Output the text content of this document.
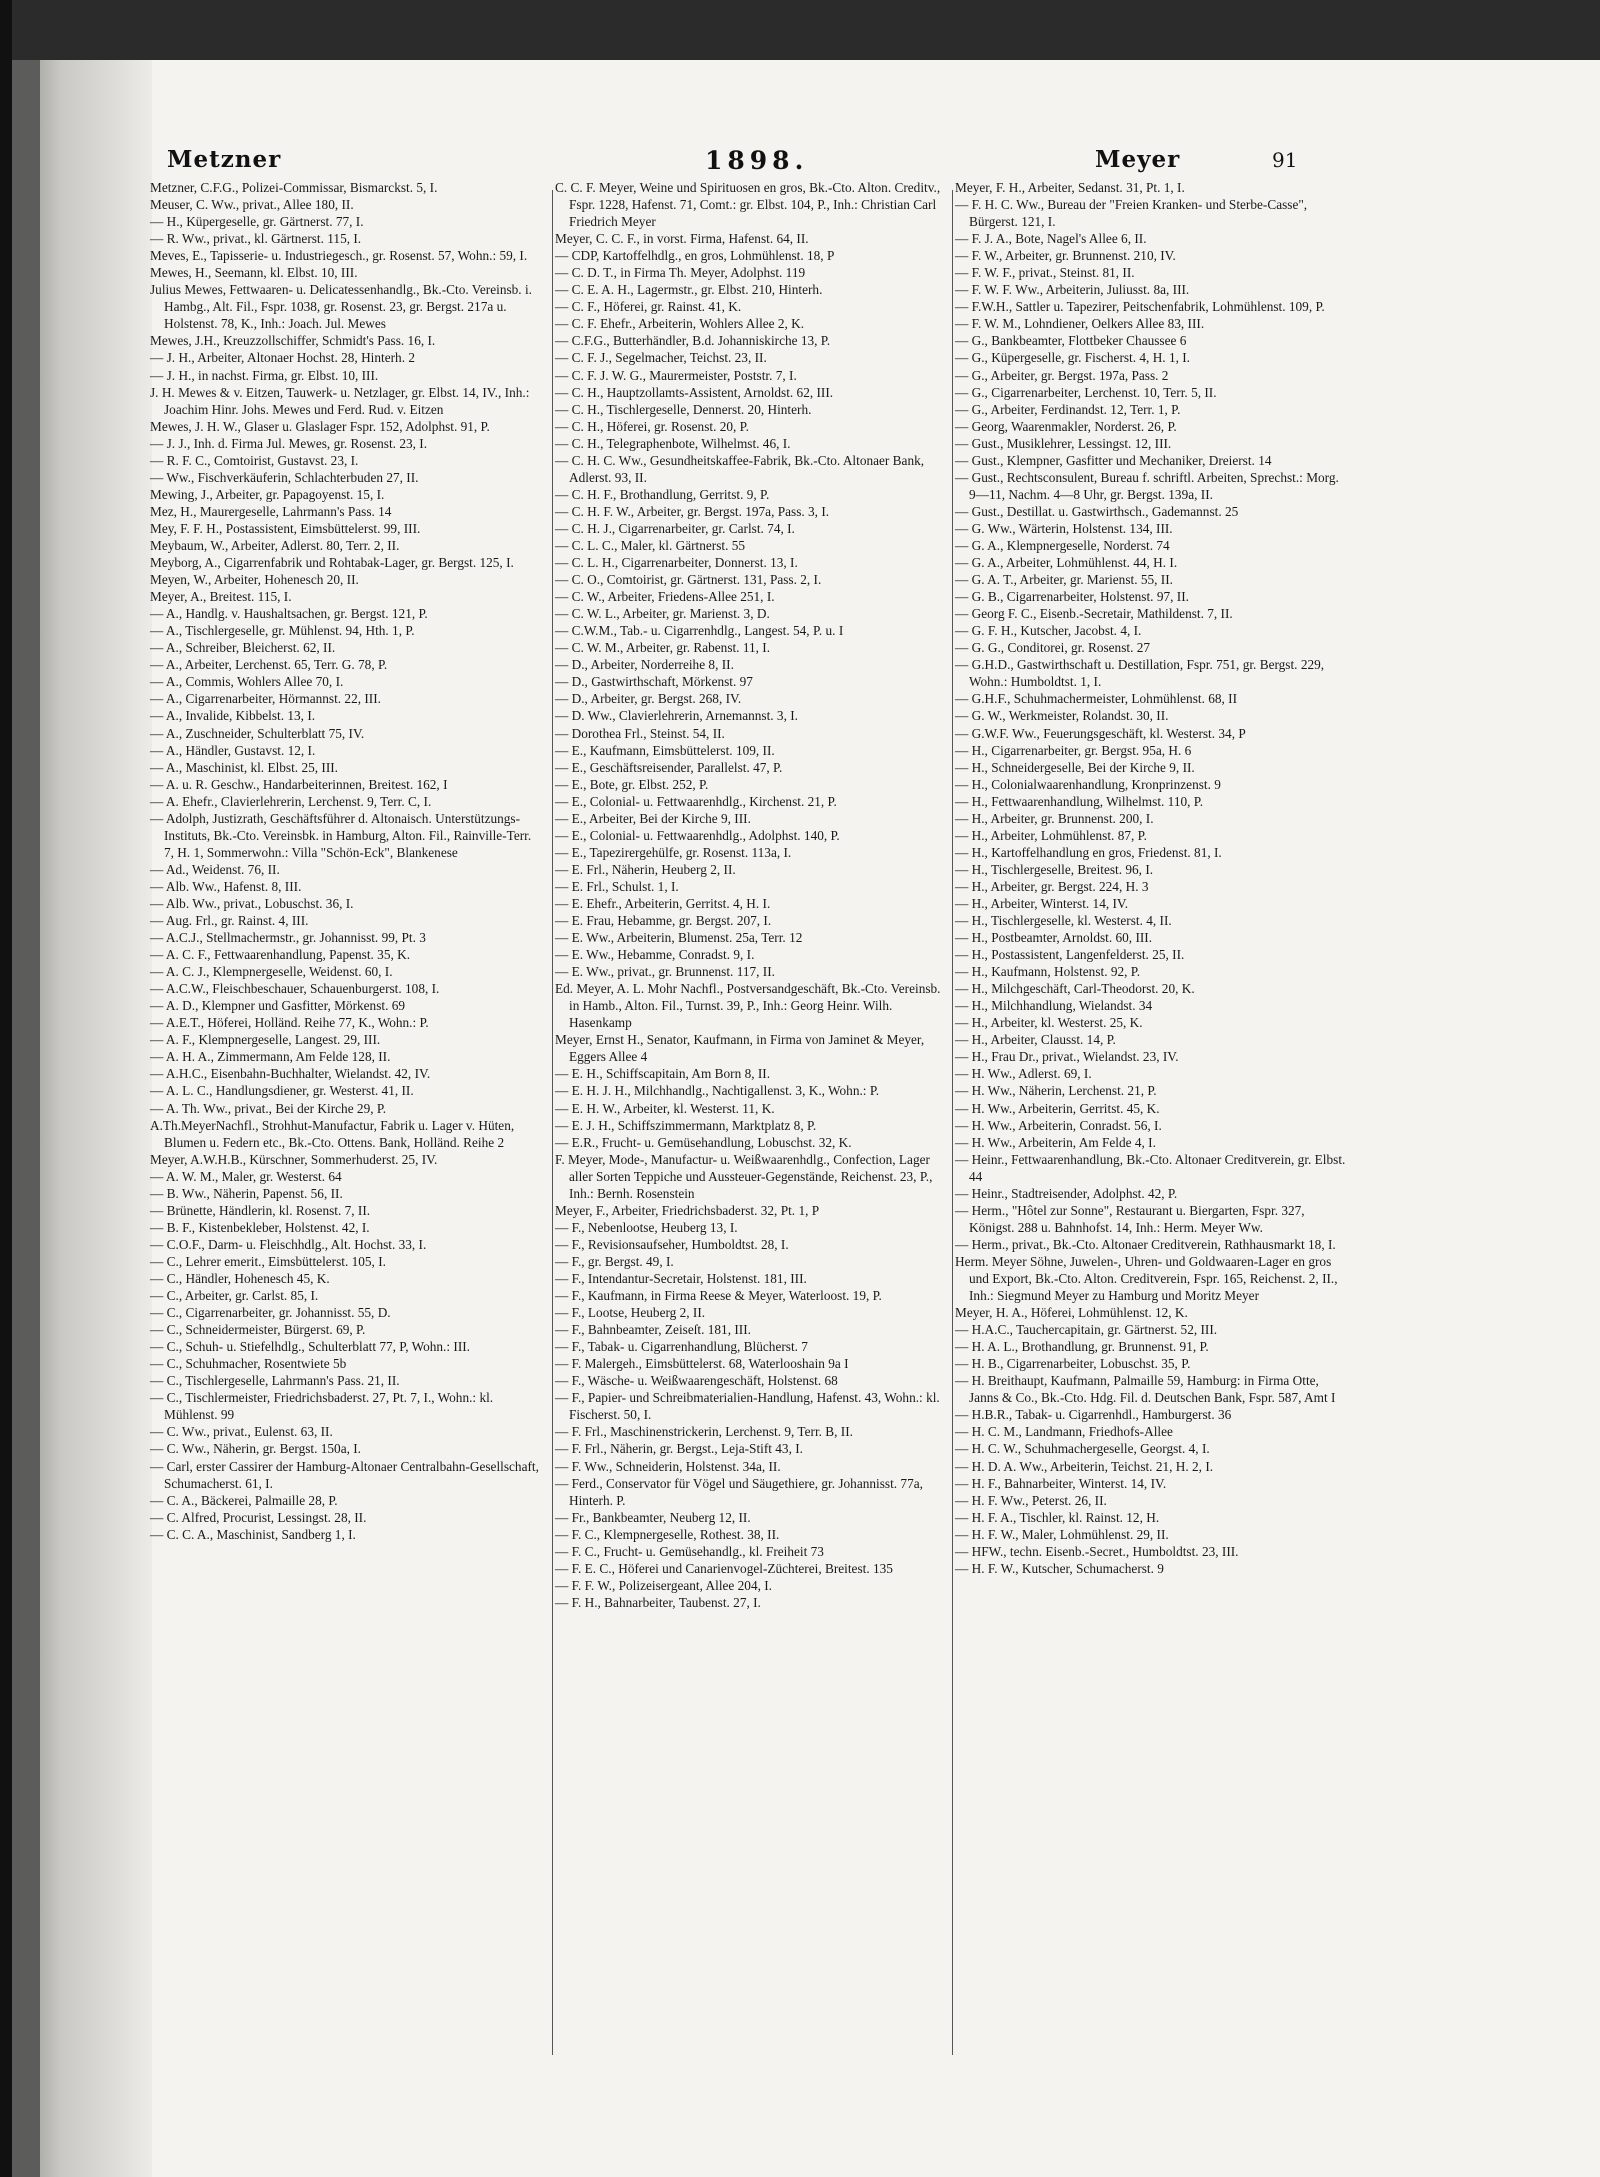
Metzner	1898.	Meyer	91

Metzner, C.F.G., Polizei-Commissar, Bismarckst. 5, I.

Meuser, C. Ww., privat., Allee 180, II.

— H., Küpergeselle, gr. Gärtnerst. 77, I.

— R. Ww., privat., kl. Gärtnerst. 115, I.

Meves, E., Tapisserie- u. Industriegesch., gr. Rosenst. 57, Wohn.: 59, I.

Mewes, H., Seemann, kl. Elbst. 10, III.

Julius Mewes, Fettwaaren- u. Delicatessenhandlg., Bk.-Cto. Vereinsb. i. Hambg., Alt. Fil., Fspr. 1038, gr. Rosenst. 23, gr. Bergst. 217a u. Holstenst. 78, K., Inh.: Joach. Jul. Mewes

Mewes, J.H., Kreuzzollschiffer, Schmidt's Pass. 16, I.

— J. H., Arbeiter, Altonaer Hochst. 28, Hinterh. 2

— J. H., in nachst. Firma, gr. Elbst. 10, III.

J. H. Mewes & v. Eitzen, Tauwerk- u. Netzlager, gr. Elbst. 14, IV., Inh.: Joachim Hinr. Johs. Mewes und Ferd. Rud. v. Eitzen

Mewes, J. H. W., Glaser u. Glaslager Fspr. 152, Adolphst. 91, P.

— J. J., Inh. d. Firma Jul. Mewes, gr. Rosenst. 23, I.

— R. F. C., Comtoirist, Gustavst. 23, I.

— Ww., Fischverkäuferin, Schlachterbuden 27, II.

Mewing, J., Arbeiter, gr. Papagoyenst. 15, I.

Mez, H., Maurergeselle, Lahrmann's Pass. 14

Mey, F. F. H., Postassistent, Eimsbüttelerst. 99, III.

Meybaum, W., Arbeiter, Adlerst. 80, Terr. 2, II.

Meyborg, A., Cigarrenfabrik und Rohtabak-Lager, gr. Bergst. 125, I.

Meyen, W., Arbeiter, Hohenesch 20, II.

Meyer, A., Breitest. 115, I.

— A., Handlg. v. Haushaltsachen, gr. Bergst. 121, P.

— A., Tischlergeselle, gr. Mühlenst. 94, Hth. 1, P.

— A., Schreiber, Bleicherst. 62, II.

— A., Arbeiter, Lerchenst. 65, Terr. G. 78, P.

— A., Commis, Wohlers Allee 70, I.

— A., Cigarrenarbeiter, Hörmannst. 22, III.

— A., Invalide, Kibbelst. 13, I.

— A., Zuschneider, Schulterblatt 75, IV.

— A., Händler, Gustavst. 12, I.

— A., Maschinist, kl. Elbst. 25, III.

— A. u. R. Geschw., Handarbeiterinnen, Breitest. 162, I

— A. Ehefr., Clavierlehrerin, Lerchenst. 9, Terr. C, I.

— Adolph, Justizrath, Geschäftsführer d. Altonaisch. Unterstützungs-Instituts, Bk.-Cto. Vereinsbk. in Hamburg, Alton. Fil., Rainville-Terr. 7, H. 1, Sommerwohn.: Villa "Schön-Eck", Blankenese

— Ad., Weidenst. 76, II.

— Alb. Ww., Hafenst. 8, III.

— Alb. Ww., privat., Lobuschst. 36, I.

— Aug. Frl., gr. Rainst. 4, III.

— A.C.J., Stellmachermstr., gr. Johannisst. 99, Pt. 3

— A. C. F., Fettwaarenhandlung, Papenst. 35, K.

— A. C. J., Klempnergeselle, Weidenst. 60, I.

— A.C.W., Fleischbeschauer, Schauenburgerst. 108, I.

— A. D., Klempner und Gasfitter, Mörkenst. 69

— A.E.T., Höferei, Holländ. Reihe 77, K., Wohn.: P.

— A. F., Klempnergeselle, Langest. 29, III.

— A. H. A., Zimmermann, Am Felde 128, II.

— A.H.C., Eisenbahn-Buchhalter, Wielandst. 42, IV.

— A. L. C., Handlungsdiener, gr. Westerst. 41, II.

— A. Th. Ww., privat., Bei der Kirche 29, P.

A.Th.MeyerNachfl., Strohhut-Manufactur, Fabrik u. Lager v. Hüten, Blumen u. Federn etc., Bk.-Cto. Ottens. Bank, Holländ. Reihe 2

Meyer, A.W.H.B., Kürschner, Sommerhuderst. 25, IV.

— A. W. M., Maler, gr. Westerst. 64

— B. Ww., Näherin, Papenst. 56, II.

— Brünette, Händlerin, kl. Rosenst. 7, II.

— B. F., Kistenbekleber, Holstenst. 42, I.

— C.O.F., Darm- u. Fleischhdlg., Alt. Hochst. 33, I.

— C., Lehrer emerit., Eimsbüttelerst. 105, I.

— C., Händler, Hohenesch 45, K.

— C., Arbeiter, gr. Carlst. 85, I.

— C., Cigarrenarbeiter, gr. Johannisst. 55, D.

— C., Schneidermeister, Bürgerst. 69, P.

— C., Schuh- u. Stiefelhdlg., Schulterblatt 77, P, Wohn.: III.

— C., Schuhmacher, Rosentwiete 5b

— C., Tischlergeselle, Lahrmann's Pass. 21, II.

— C., Tischlermeister, Friedrichsbaderst. 27, Pt. 7, I., Wohn.: kl. Mühlenst. 99

— C. Ww., privat., Eulenst. 63, II.

— C. Ww., Näherin, gr. Bergst. 150a, I.

— Carl, erster Cassirer der Hamburg-Altonaer Centralbahn-Gesellschaft, Schumacherst. 61, I.

— C. A., Bäckerei, Palmaille 28, P.

— C. Alfred, Procurist, Lessingst. 28, II.

— C. C. A., Maschinist, Sandberg 1, I.

C. C. F. Meyer, Weine und Spirituosen en gros, Bk.-Cto. Alton. Creditv., Fspr. 1228, Hafenst. 71, Comt.: gr. Elbst. 104, P., Inh.: Christian Carl Friedrich Meyer

Meyer, C. C. F., in vorst. Firma, Hafenst. 64, II.

— CDP, Kartoffelhdlg., en gros, Lohmühlenst. 18, P

— C. D. T., in Firma Th. Meyer, Adolphst. 119

— C. E. A. H., Lagermstr., gr. Elbst. 210, Hinterh.

— C. F., Höferei, gr. Rainst. 41, K.

— C. F. Ehefr., Arbeiterin, Wohlers Allee 2, K.

— C.F.G., Butterhändler, B.d. Johanniskirche 13, P.

— C. F. J., Segelmacher, Teichst. 23, II.

— C. F. J. W. G., Maurermeister, Poststr. 7, I.

— C. H., Hauptzollamts-Assistent, Arnoldst. 62, III.

— C. H., Tischlergeselle, Dennerst. 20, Hinterh.

— C. H., Höferei, gr. Rosenst. 20, P.

— C. H., Telegraphenbote, Wilhelmst. 46, I.

— C. H. C. Ww., Gesundheitskaffee-Fabrik, Bk.-Cto. Altonaer Bank, Adlerst. 93, II.

— C. H. F., Brothandlung, Gerritst. 9, P.

— C. H. F. W., Arbeiter, gr. Bergst. 197a, Pass. 3, I.

— C. H. J., Cigarrenarbeiter, gr. Carlst. 74, I.

— C. L. C., Maler, kl. Gärtnerst. 55

— C. L. H., Cigarrenarbeiter, Donnerst. 13, I.

— C. O., Comtoirist, gr. Gärtnerst. 131, Pass. 2, I.

— C. W., Arbeiter, Friedens-Allee 251, I.

— C. W. L., Arbeiter, gr. Marienst. 3, D.

— C.W.M., Tab.- u. Cigarrenhdlg., Langest. 54, P. u. I

— C. W. M., Arbeiter, gr. Rabenst. 11, I.

— D., Arbeiter, Norderreihe 8, II.

— D., Gastwirthschaft, Mörkenst. 97

— D., Arbeiter, gr. Bergst. 268, IV.

— D. Ww., Clavierlehrerin, Arnemannst. 3, I.

— Dorothea Frl., Steinst. 54, II.

— E., Kaufmann, Eimsbüttelerst. 109, II.

— E., Geschäftsreisender, Parallelst. 47, P.

— E., Bote, gr. Elbst. 252, P.

— E., Colonial- u. Fettwaarenhdlg., Kirchenst. 21, P.

— E., Arbeiter, Bei der Kirche 9, III.

— E., Colonial- u. Fettwaarenhdlg., Adolphst. 140, P.

— E., Tapezirergehülfe, gr. Rosenst. 113a, I.

— E. Frl., Näherin, Heuberg 2, II.

— E. Frl., Schulst. 1, I.

— E. Ehefr., Arbeiterin, Gerritst. 4, H. I.

— E. Frau, Hebamme, gr. Bergst. 207, I.

— E. Ww., Arbeiterin, Blumenst. 25a, Terr. 12

— E. Ww., Hebamme, Conradst. 9, I.

— E. Ww., privat., gr. Brunnenst. 117, II.

Ed. Meyer, A. L. Mohr Nachfl., Postversandgeschäft, Bk.-Cto. Vereinsb. in Hamb., Alton. Fil., Turnst. 39, P., Inh.: Georg Heinr. Wilh. Hasenkamp

Meyer, Ernst H., Senator, Kaufmann, in Firma von Jaminet & Meyer, Eggers Allee 4

— E. H., Schiffscapitain, Am Born 8, II.

— E. H. J. H., Milchhandlg., Nachtigallenst. 3, K., Wohn.: P.

— E. H. W., Arbeiter, kl. Westerst. 11, K.

— E. J. H., Schiffszimmermann, Marktplatz 8, P.

— E.R., Frucht- u. Gemüsehandlung, Lobuschst. 32, K.

F. Meyer, Mode-, Manufactur- u. Weißwaarenhdlg., Confection, Lager aller Sorten Teppiche und Aussteuer-Gegenstände, Reichenst. 23, P., Inh.: Bernh. Rosenstein

Meyer, F., Arbeiter, Friedrichsbaderst. 32, Pt. 1, P

— F., Nebenlootse, Heuberg 13, I.

— F., Revisionsaufseher, Humboldtst. 28, I.

— F., gr. Bergst. 49, I.

— F., Intendantur-Secretair, Holstenst. 181, III.

— F., Kaufmann, in Firma Reese & Meyer, Waterloost. 19, P.

— F., Lootse, Heuberg 2, II.

— F., Bahnbeamter, Zeiseſt. 181, III.

— F., Tabak- u. Cigarrenhandlung, Blücherst. 7

— F. Malergeh., Eimsbüttelerst. 68, Waterlooshain 9a I

— F., Wäsche- u. Weißwaarengeschäft, Holstenst. 68

— F., Papier- und Schreibmaterialien-Handlung, Hafenst. 43, Wohn.: kl. Fischerst. 50, I.

— F. Frl., Maschinenstrickerin, Lerchenst. 9, Terr. B, II.

— F. Frl., Näherin, gr. Bergst., Leja-Stift 43, I.

— F. Ww., Schneiderin, Holstenst. 34a, II.

— Ferd., Conservator für Vögel und Säugethiere, gr. Johannisst. 77a, Hinterh. P.

— Fr., Bankbeamter, Neuberg 12, II.

— F. C., Klempnergeselle, Rothest. 38, II.

— F. C., Frucht- u. Gemüsehandlg., kl. Freiheit 73

— F. E. C., Höferei und Canarienvogel-Züchterei, Breitest. 135

— F. F. W., Polizeisergeant, Allee 204, I.

— F. H., Bahnarbeiter, Taubenst. 27, I.

Meyer, F. H., Arbeiter, Sedanst. 31, Pt. 1, I.

— F. H. C. Ww., Bureau der "Freien Kranken- und Sterbe-Casse", Bürgerst. 121, I.

— F. J. A., Bote, Nagel's Allee 6, II.

— F. W., Arbeiter, gr. Brunnenst. 210, IV.

— F. W. F., privat., Steinst. 81, II.

— F. W. F. Ww., Arbeiterin, Juliusst. 8a, III.

— F.W.H., Sattler u. Tapezirer, Peitschenfabrik, Lohmühlenst. 109, P.

— F. W. M., Lohndiener, Oelkers Allee 83, III.

— G., Bankbeamter, Flottbeker Chaussee 6

— G., Küpergeselle, gr. Fischerst. 4, H. 1, I.

— G., Arbeiter, gr. Bergst. 197a, Pass. 2

— G., Cigarrenarbeiter, Lerchenst. 10, Terr. 5, II.

— G., Arbeiter, Ferdinandst. 12, Terr. 1, P.

— Georg, Waarenmakler, Norderst. 26, P.

— Gust., Musiklehrer, Lessingst. 12, III.

— Gust., Klempner, Gasfitter und Mechaniker, Dreierst. 14

— Gust., Rechtsconsulent, Bureau f. schriftl. Arbeiten, Sprechst.: Morg. 9—11, Nachm. 4—8 Uhr, gr. Bergst. 139a, II.

— Gust., Destillat. u. Gastwirthsch., Gademannst. 25

— G. Ww., Wärterin, Holstenst. 134, III.

— G. A., Klempnergeselle, Norderst. 74

— G. A., Arbeiter, Lohmühlenst. 44, H. I.

— G. A. T., Arbeiter, gr. Marienst. 55, II.

— G. B., Cigarrenarbeiter, Holstenst. 97, II.

— Georg F. C., Eisenb.-Secretair, Mathildenst. 7, II.

— G. F. H., Kutscher, Jacobst. 4, I.

— G. G., Conditorei, gr. Rosenst. 27

— G.H.D., Gastwirthschaft u. Destillation, Fspr. 751, gr. Bergst. 229, Wohn.: Humboldtst. 1, I.

— G.H.F., Schuhmachermeister, Lohmühlenst. 68, II

— G. W., Werkmeister, Rolandst. 30, II.

— G.W.F. Ww., Feuerungsgeschäft, kl. Westerst. 34, P

— H., Cigarrenarbeiter, gr. Bergst. 95a, H. 6

— H., Schneidergeselle, Bei der Kirche 9, II.

— H., Colonialwaarenhandlung, Kronprinzenst. 9

— H., Fettwaarenhandlung, Wilhelmst. 110, P.

— H., Arbeiter, gr. Brunnenst. 200, I.

— H., Arbeiter, Lohmühlenst. 87, P.

— H., Kartoffelhandlung en gros, Friedenst. 81, I.

— H., Tischlergeselle, Breitest. 96, I.

— H., Arbeiter, gr. Bergst. 224, H. 3

— H., Arbeiter, Winterst. 14, IV.

— H., Tischlergeselle, kl. Westerst. 4, II.

— H., Postbeamter, Arnoldst. 60, III.

— H., Postassistent, Langenfelderst. 25, II.

— H., Kaufmann, Holstenst. 92, P.

— H., Milchgeschäft, Carl-Theodorst. 20, K.

— H., Milchhandlung, Wielandst. 34

— H., Arbeiter, kl. Westerst. 25, K.

— H., Arbeiter, Clausst. 14, P.

— H., Frau Dr., privat., Wielandst. 23, IV.

— H. Ww., Adlerst. 69, I.

— H. Ww., Näherin, Lerchenst. 21, P.

— H. Ww., Arbeiterin, Gerritst. 45, K.

— H. Ww., Arbeiterin, Conradst. 56, I.

— H. Ww., Arbeiterin, Am Felde 4, I.

— Heinr., Fettwaarenhandlung, Bk.-Cto. Altonaer Creditverein, gr. Elbst. 44

— Heinr., Stadtreisender, Adolphst. 42, P.

— Herm., "Hôtel zur Sonne", Restaurant u. Biergarten, Fspr. 327, Königst. 288 u. Bahnhofst. 14, Inh.: Herm. Meyer Ww.

— Herm., privat., Bk.-Cto. Altonaer Creditverein, Rathhausmarkt 18, I.

Herm. Meyer Söhne, Juwelen-, Uhren- und Goldwaaren-Lager en gros und Export, Bk.-Cto. Alton. Creditverein, Fspr. 165, Reichenst. 2, II., Inh.: Siegmund Meyer zu Hamburg und Moritz Meyer

Meyer, H. A., Höferei, Lohmühlenst. 12, K.

— H.A.C., Tauchercapitain, gr. Gärtnerst. 52, III.

— H. A. L., Brothandlung, gr. Brunnenst. 91, P.

— H. B., Cigarrenarbeiter, Lobuschst. 35, P.

— H. Breithaupt, Kaufmann, Palmaille 59, Hamburg: in Firma Otte, Janns & Co., Bk.-Cto. Hdg. Fil. d. Deutschen Bank, Fspr. 587, Amt I

— H.B.R., Tabak- u. Cigarrenhdl., Hamburgerst. 36

— H. C. M., Landmann, Friedhofs-Allee

— H. C. W., Schuhmachergeselle, Georgst. 4, I.

— H. D. A. Ww., Arbeiterin, Teichst. 21, H. 2, I.

— H. F., Bahnarbeiter, Winterst. 14, IV.

— H. F. Ww., Peterst. 26, II.

— H. F. A., Tischler, kl. Rainst. 12, H.

— H. F. W., Maler, Lohmühlenst. 29, II.

— HFW., techn. Eisenb.-Secret., Humboldtst. 23, III.

— H. F. W., Kutscher, Schumacherst. 9
